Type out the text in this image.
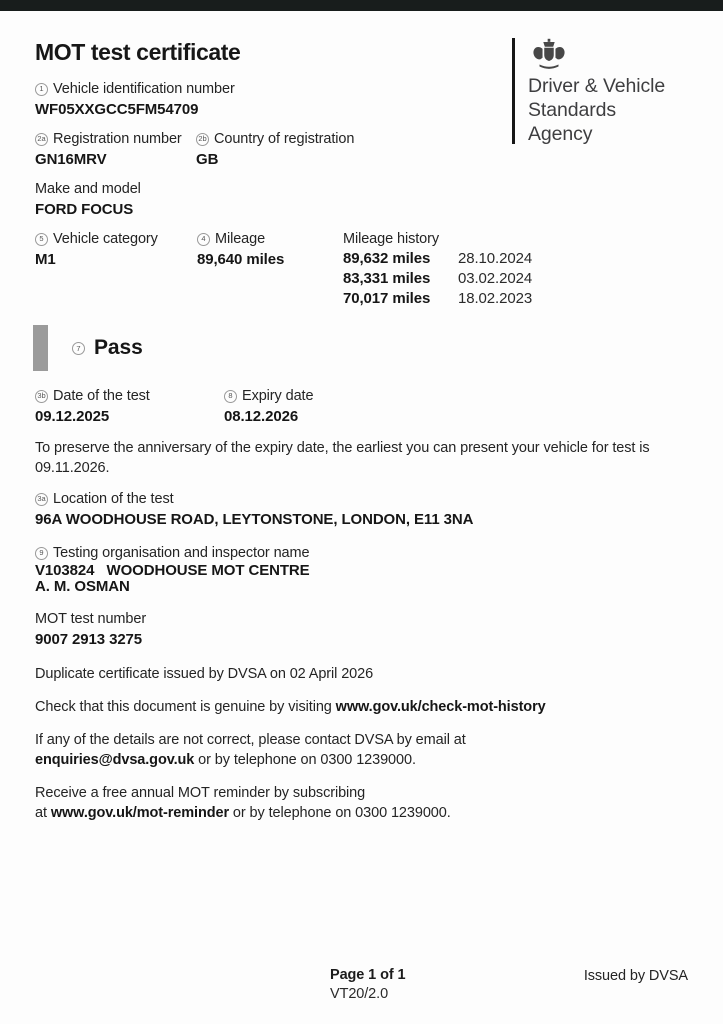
Driver & Vehicle
Standards
Agency
MOT test certificate
1 Vehicle identification number
WF05XXGCC5FM54709
2a Registration number
GN16MRV
2b Country of registration
GB
Make and model
FORD FOCUS
5 Vehicle category
M1
4 Mileage
89,640 miles
Mileage history
89,632 miles	28.10.2024
83,331 miles	03.02.2024
70,017 miles	18.02.2023
7 Pass
3b Date of the test
09.12.2025
8 Expiry date
08.12.2026
To preserve the anniversary of the expiry date, the earliest you can present your vehicle for test is
09.11.2026.
3a Location of the test
96A WOODHOUSE ROAD, LEYTONSTONE, LONDON, E11 3NA
9 Testing organisation and inspector name
V103824   WOODHOUSE MOT CENTRE
A. M. OSMAN
MOT test number
9007 2913 3275

Duplicate certificate issued by DVSA on 02 April 2026

Check that this document is genuine by visiting www.gov.uk/check-mot-history

If any of the details are not correct, please contact DVSA by email at
enquiries@dvsa.gov.uk or by telephone on 0300 1239000.

Receive a free annual MOT reminder by subscribing
at www.gov.uk/mot-reminder or by telephone on 0300 1239000.

Page 1 of 1
VT20/2.0
Issued by DVSA
